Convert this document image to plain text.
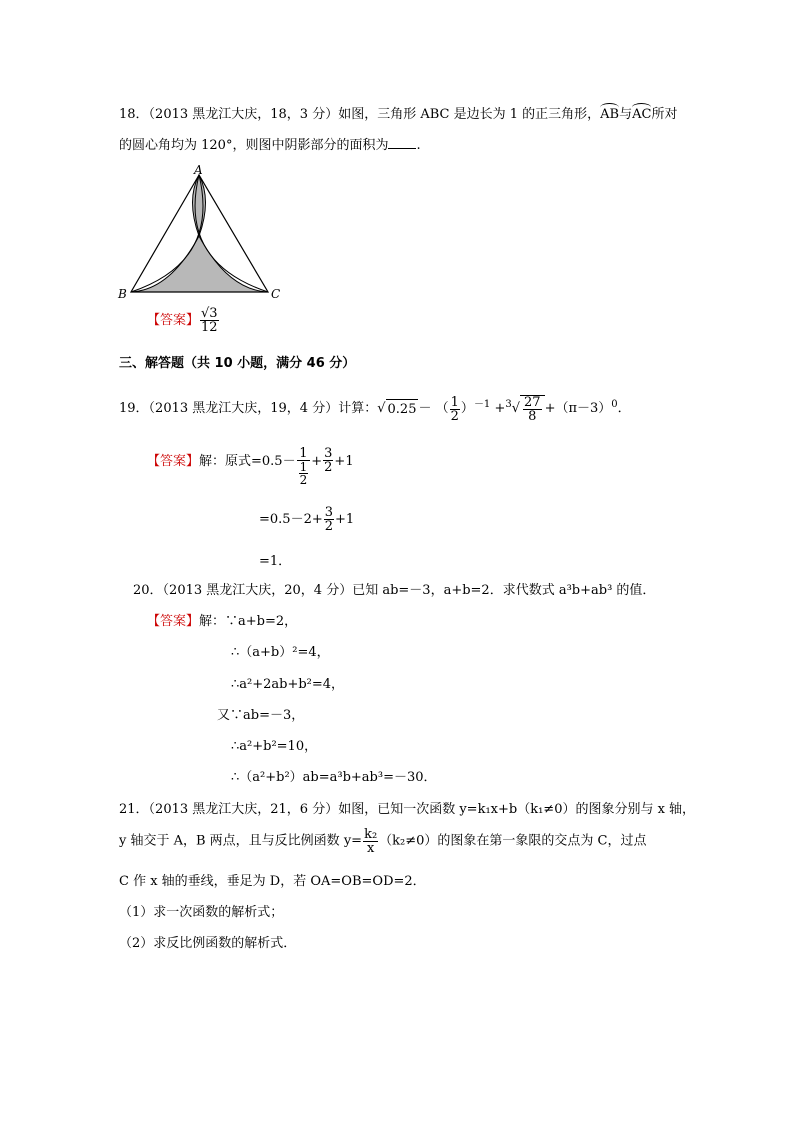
18．（2013 黑龙江大庆，18，3 分）如图，三角形 ABC 是边长为 1 的正三角形，AB与AC所对
的圆心角均为 120°，则图中阴影部分的面积为 .
A
B	C
【答案】 $\frac{√3}{12}$
三、解答题（共 10 小题，满分 46 分）
19．（2013 黑龙江大庆，19，4 分）计算：√ 0.25 － （ $\frac{1}{2} )^{-1} +^3√ \frac{27}{8} +(\pi-3)^0$．
【答案】解：原式$=0.5- \frac{1}{\frac{1}{2}} + \frac{3}{2} +1$
$=0.5-2+ \frac{3}{2} +1$
=1．
20．（2013 黑龙江大庆，20，4 分）已知 ab=－3，a+b=2．求代数式 a³b+ab³ 的值．
【答案】解：∵a+b=2，
∴（a+b）²=4，
∴a²+2ab+b²=4，
又∵ab=－3，
∴a²+b²=10，
∴（a²+b²）ab=a³b+ab³=－30．
21．（2013 黑龙江大庆，21，6 分）如图，已知一次函数 y=k₁x+b（k₁≠0）的图象分别与 x 轴，
y 轴交于 A，B 两点，且与反比例函数 $y= \frac{\text{k₂}}{x} (k_2\ne 0)$的图象在第一象限的交点为 C，过点
C 作 x 轴的垂线，垂足为 D，若 OA=OB=OD=2．
（1）求一次函数的解析式；
（2）求反比例函数的解析式．
